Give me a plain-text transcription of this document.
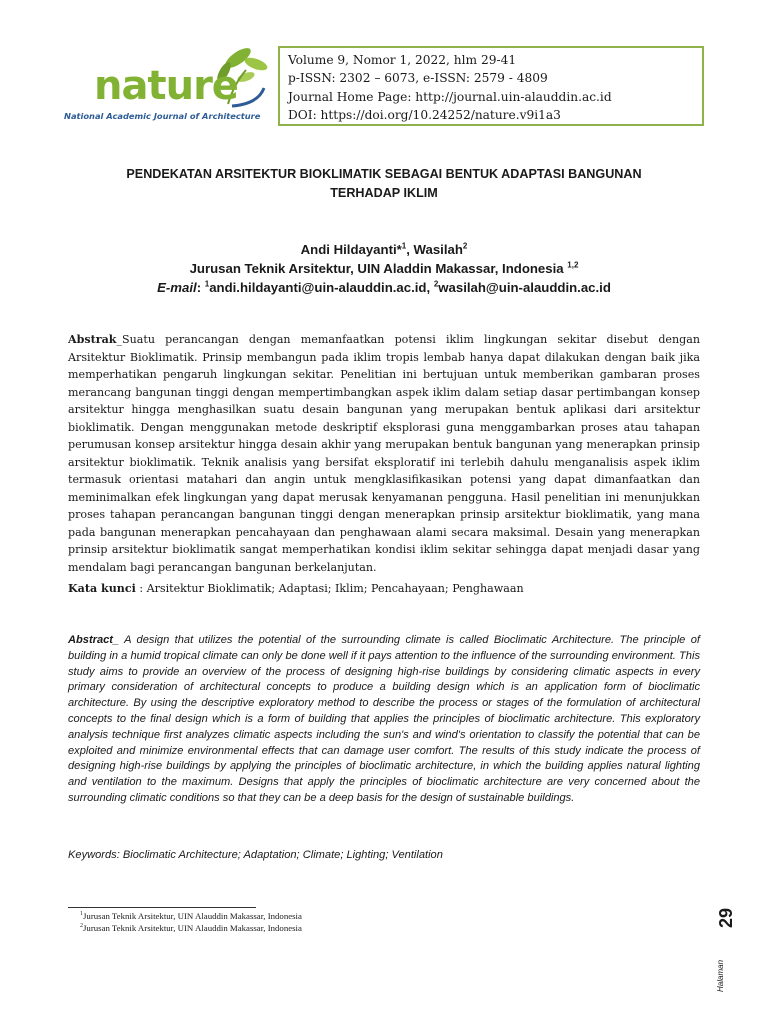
nature
National Academic Journal of Architecture
Volume 9, Nomor 1, 2022, hlm 29-41
p-ISSN: 2302 – 6073, e-ISSN: 2579 - 4809
Journal Home Page: http://journal.uin-alauddin.ac.id
DOI: https://doi.org/10.24252/nature.v9i1a3
PENDEKATAN ARSITEKTUR BIOKLIMATIK SEBAGAI BENTUK ADAPTASI BANGUNAN
TERHADAP IKLIM
Andi Hildayanti*$^1$, Wasilah$^2$
Jurusan Teknik Arsitektur, UIN Aladdin Makassar, Indonesia $^{1,2}$
E-mail: $^1$andi.hildayanti@uin-alauddin.ac.id, $^2$wasilah@uin-alauddin.ac.id
Abstrak_Suatu perancangan dengan memanfaatkan potensi iklim lingkungan sekitar disebut dengan Arsitektur Bioklimatik. Prinsip membangun pada iklim tropis lembab hanya dapat dilakukan dengan baik jika memperhatikan pengaruh lingkungan sekitar. Penelitian ini bertujuan untuk memberikan gambaran proses merancang bangunan tinggi dengan mempertimbangkan aspek iklim dalam setiap dasar pertimbangan konsep arsitektur hingga menghasilkan suatu desain bangunan yang merupakan bentuk aplikasi dari arsitektur bioklimatik. Dengan menggunakan metode deskriptif eksplorasi guna menggambarkan proses atau tahapan perumusan konsep arsitektur hingga desain akhir yang merupakan bentuk bangunan yang menerapkan prinsip arsitektur bioklimatik. Teknik analisis yang bersifat eksploratif ini terlebih dahulu menganalisis aspek iklim termasuk orientasi matahari dan angin untuk mengklasifikasikan potensi yang dapat dimanfaatkan dan meminimalkan efek lingkungan yang dapat merusak kenyamanan pengguna. Hasil penelitian ini menunjukkan proses tahapan perancangan bangunan tinggi dengan menerapkan prinsip arsitektur bioklimatik, yang mana pada bangunan menerapkan pencahayaan dan penghawaan alami secara maksimal. Desain yang menerapkan prinsip arsitektur bioklimatik sangat memperhatikan kondisi iklim sekitar sehingga dapat menjadi dasar yang mendalam bagi perancangan bangunan berkelanjutan.
Kata kunci : Arsitektur Bioklimatik; Adaptasi; Iklim; Pencahayaan; Penghawaan
Abstract_ A design that utilizes the potential of the surrounding climate is called Bioclimatic Architecture. The principle of building in a humid tropical climate can only be done well if it pays attention to the influence of the surrounding environment. This study aims to provide an overview of the process of designing high-rise buildings by considering climatic aspects in every primary consideration of architectural concepts to produce a building design which is an application form of bioclimatic architecture. By using the descriptive exploratory method to describe the process or stages of the formulation of architectural concepts to the final design which is a form of building that applies the principles of bioclimatic architecture. This exploratory analysis technique first analyzes climatic aspects including the sun's and wind's orientation to classify the potential that can be exploited and minimize environmental effects that can damage user comfort. The results of this study indicate the process of designing high-rise buildings by applying the principles of bioclimatic architecture, in which the building applies natural lighting and ventilation to the maximum. Designs that apply the principles of bioclimatic architecture are very concerned about the surrounding climatic conditions so that they can be a deep basis for the design of sustainable buildings.
Keywords: Bioclimatic Architecture; Adaptation; Climate; Lighting; Ventilation
$^1$Jurusan Teknik Arsitektur, UIN Alauddin Makassar, Indonesia
$^2$Jurusan Teknik Arsitektur, UIN Alauddin Makassar, Indonesia	29
Halaman
